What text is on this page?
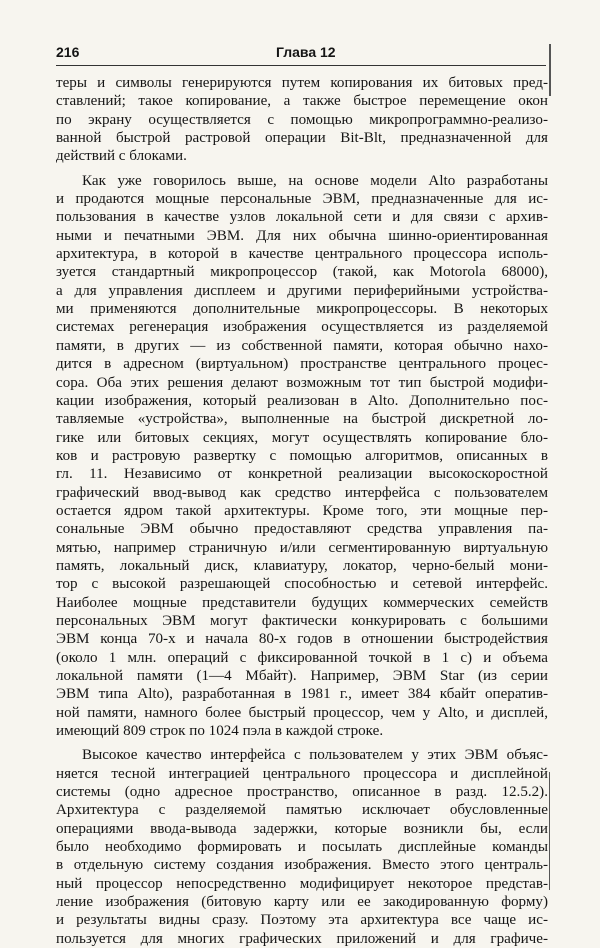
216	Глава 12

теры и символы генерируются путем копирования их битовых пред-
ставлений; такое копирование, а также быстрое перемещение окон
по экрану осуществляется с помощью микропрограммно-реализо-
ванной быстрой растровой операции Bit-Blt, предназначенной для
действий с блоками.

Как уже говорилось выше, на основе модели Alto разработаны
и продаются мощные персональные ЭВМ, предназначенные для ис-
пользования в качестве узлов локальной сети и для связи с архив-
ными и печатными ЭВМ. Для них обычна шинно-ориентированная
архитектура, в которой в качестве центрального процессора исполь-
зуется стандартный микропроцессор (такой, как Motorola 68000),
а для управления дисплеем и другими периферийными устройства-
ми применяются дополнительные микропроцессоры. В некоторых
системах регенерация изображения осуществляется из разделяемой
памяти, в других — из собственной памяти, которая обычно нахо-
дится в адресном (виртуальном) пространстве центрального процес-
сора. Оба этих решения делают возможным тот тип быстрой модифи-
кации изображения, который реализован в Alto. Дополнительно пос-
тавляемые «устройства», выполненные на быстрой дискретной ло-
гике или битовых секциях, могут осуществлять копирование бло-
ков и растровую развертку с помощью алгоритмов, описанных в
гл. 11. Независимо от конкретной реализации высокоскоростной
графический ввод-вывод как средство интерфейса с пользователем
остается ядром такой архитектуры. Кроме того, эти мощные пер-
сональные ЭВМ обычно предоставляют средства управления па-
мятью, например страничную и/или сегментированную виртуальную
память, локальный диск, клавиатуру, локатор, черно-белый мони-
тор с высокой разрешающей способностью и сетевой интерфейс.
Наиболее мощные представители будущих коммерческих семейств
персональных ЭВМ могут фактически конкурировать с большими
ЭВМ конца 70-х и начала 80-х годов в отношении быстродействия
(около 1 млн. операций с фиксированной точкой в 1 с) и объема
локальной памяти (1—4 Мбайт). Например, ЭВМ Star (из серии
ЭВМ типа Alto), разработанная в 1981 г., имеет 384 кбайт оператив-
ной памяти, намного более быстрый процессор, чем у Alto, и дисплей,
имеющий 809 строк по 1024 пэла в каждой строке.

Высокое качество интерфейса с пользователем у этих ЭВМ объяс-
няется тесной интеграцией центрального процессора и дисплейной
системы (одно адресное пространство, описанное в разд. 12.5.2).
Архитектура с разделяемой памятью исключает обусловленные
операциями ввода-вывода задержки, которые возникли бы, если
было необходимо формировать и посылать дисплейные команды
в отдельную систему создания изображения. Вместо этого централь-
ный процессор непосредственно модифицирует некоторое представ-
ление изображения (битовую карту или ее закодированную форму)
и результаты видны сразу. Поэтому эта архитектура все чаще ис-
пользуется для многих графических приложений и для графиче-
